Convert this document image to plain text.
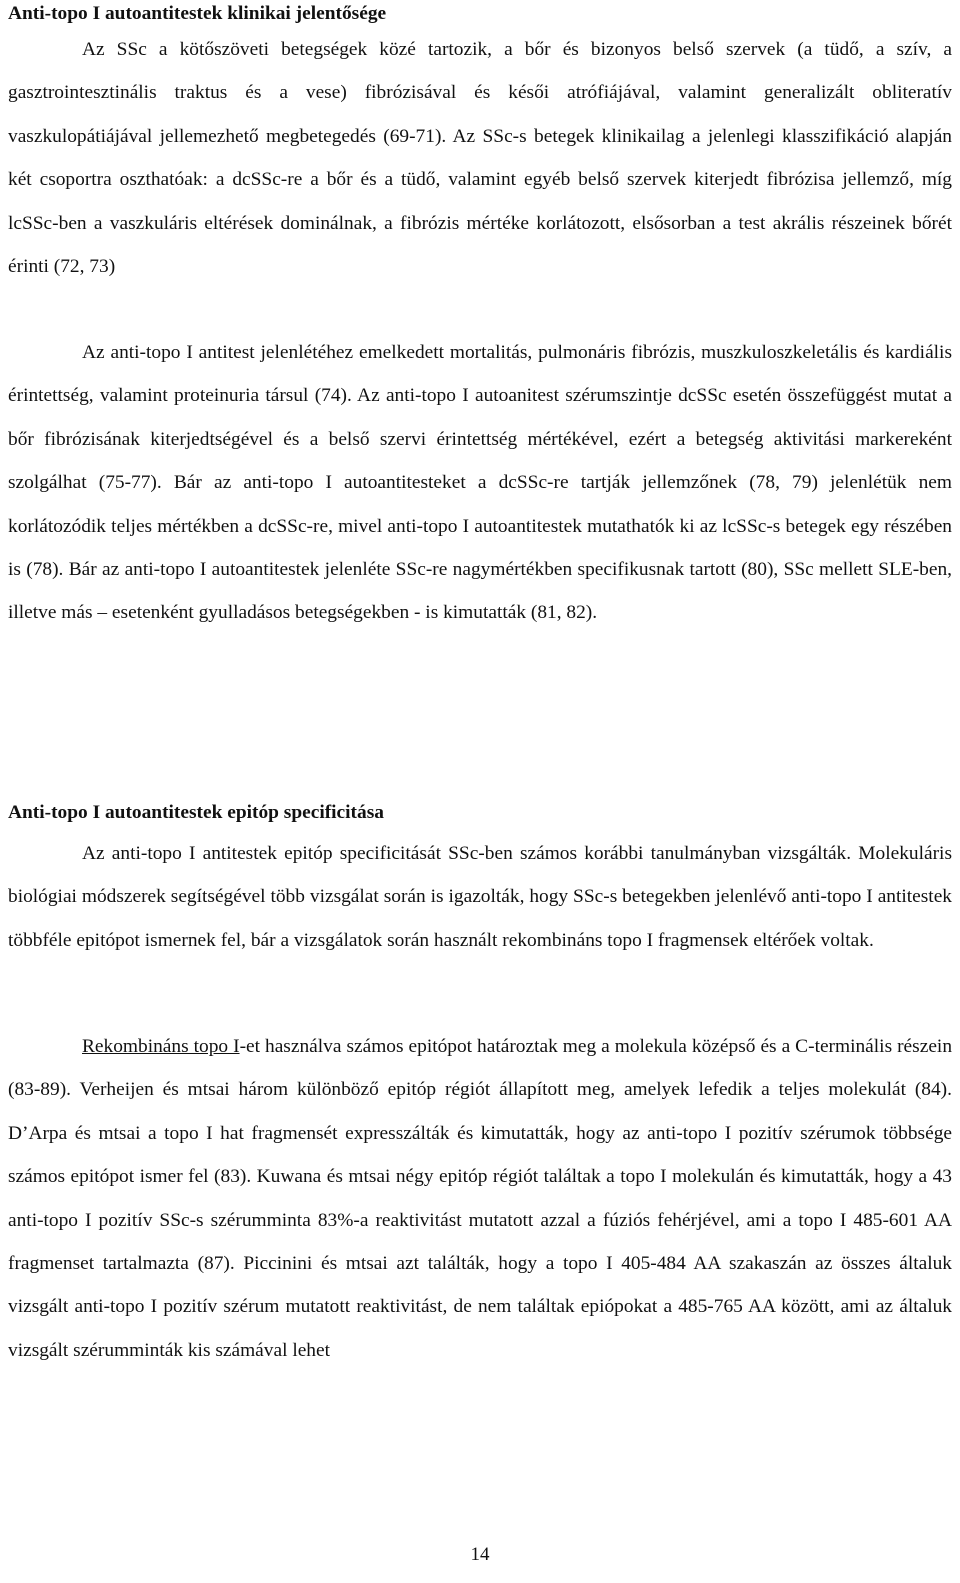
Anti-topo I autoantitestek klinikai jelentősége

Az SSc a kötőszöveti betegségek közé tartozik, a bőr és bizonyos belső szervek (a tüdő, a szív, a gasztrointesztinális traktus és a vese) fibrózisával és késői atrófiájával, valamint generalizált obliteratív vaszkulopátiájával jellemezhető megbetegedés (69-71). Az SSc-s betegek klinikailag a jelenlegi klasszifikáció alapján két csoportra oszthatóak: a dcSSc-re a bőr és a tüdő, valamint egyéb belső szervek kiterjedt fibrózisa jellemző, míg lcSSc-ben a vaszkuláris eltérések dominálnak, a fibrózis mértéke korlátozott, elsősorban a test akrális részeinek bőrét érinti (72, 73)

Az anti-topo I antitest jelenlétéhez emelkedett mortalitás, pulmonáris fibrózis, muszkuloszkeletális és kardiális érintettség, valamint proteinuria társul (74). Az anti-topo I autoanitest szérumszintje dcSSc esetén összefüggést mutat a bőr fibrózisának kiterjedtségével és a belső szervi érintettség mértékével, ezért a betegség aktivitási markereként szolgálhat (75-77). Bár az anti-topo I autoantitesteket a dcSSc-re tartják jellemzőnek (78, 79) jelenlétük nem korlátozódik teljes mértékben a dcSSc-re, mivel anti-topo I autoantitestek mutathatók ki az lcSSc-s betegek egy részében is (78). Bár az anti-topo I autoantitestek jelenléte SSc-re nagymértékben specifikusnak tartott (80), SSc mellett SLE-ben, illetve más – esetenként gyulladásos betegségekben - is kimutatták (81, 82).

Anti-topo I autoantitestek epitóp specificitása

Az anti-topo I antitestek epitóp specificitását SSc-ben számos korábbi tanulmányban vizsgálták. Molekuláris biológiai módszerek segítségével több vizsgálat során is igazolták, hogy SSc-s betegekben jelenlévő anti-topo I antitestek többféle epitópot ismernek fel, bár a vizsgálatok során használt rekombináns topo I fragmensek eltérőek voltak.

Rekombináns topo I-et használva számos epitópot határoztak meg a molekula középső és a C-terminális részein (83-89). Verheijen és mtsai három különböző epitóp régiót állapított meg, amelyek lefedik a teljes molekulát (84). D’Arpa és mtsai a topo I hat fragmensét expresszálták és kimutatták, hogy az anti-topo I pozitív szérumok többsége számos epitópot ismer fel (83). Kuwana és mtsai négy epitóp régiót találtak a topo I molekulán és kimutatták, hogy a 43 anti-topo I pozitív SSc-s szérumminta 83%-a reaktivitást mutatott azzal a fúziós fehérjével, ami a topo I 485-601 AA fragmenset tartalmazta (87). Piccinini és mtsai azt találták, hogy a topo I 405-484 AA szakaszán az összes általuk vizsgált anti-topo I pozitív szérum mutatott reaktivitást, de nem találtak epiópokat a 485-765 AA között, ami az általuk vizsgált szérumminták kis számával lehet

14
